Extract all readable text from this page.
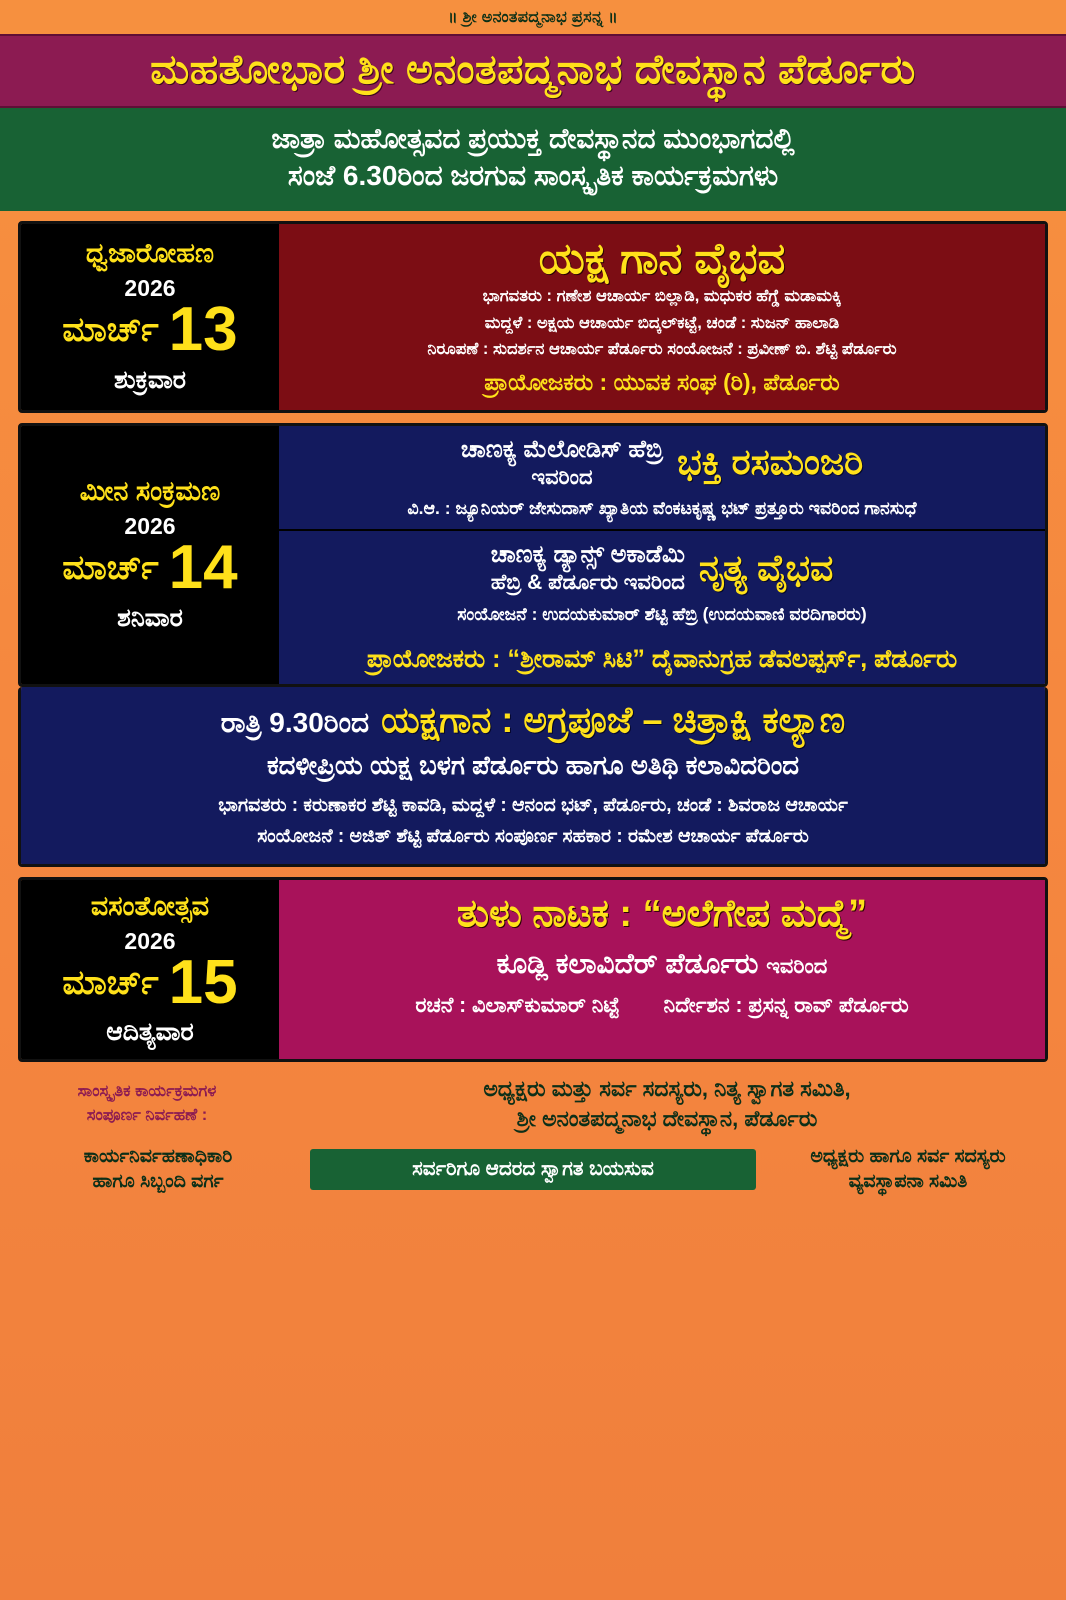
॥ ಶ್ರೀ ಅನಂತಪದ್ಮನಾಭ ಪ್ರಸನ್ನ ॥
ಮಹತೋಭಾರ ಶ್ರೀ ಅನಂತಪದ್ಮನಾಭ ದೇವಸ್ಥಾನ ಪೆರ್ಡೂರು
ಜಾತ್ರಾ ಮಹೋತ್ಸವದ ಪ್ರಯುಕ್ತ ದೇವಸ್ಥಾನದ ಮುಂಭಾಗದಲ್ಲಿ
ಸಂಜೆ 6.30ರಿಂದ ಜರಗುವ ಸಾಂಸ್ಕೃತಿಕ ಕಾರ್ಯಕ್ರಮಗಳು
ಧ್ವಜಾರೋಹಣ
2026
ಮಾರ್ಚ್ 13
ಶುಕ್ರವಾರ
ಯಕ್ಷ ಗಾನ ವೈಭವ
ಭಾಗವತರು : ಗಣೇಶ ಆಚಾರ್ಯ ಬಿಲ್ಲಾಡಿ, ಮಧುಕರ ಹೆಗ್ಡೆ ಮಡಾಮಕ್ಕಿ
ಮದ್ದಳೆ : ಅಕ್ಷಯ ಆಚಾರ್ಯ ಬಿದ್ಕಲ್‌ಕಟ್ಟೆ, ಚಂಡೆ : ಸುಜನ್ ಹಾಲಾಡಿ
ನಿರೂಪಣೆ : ಸುದರ್ಶನ ಆಚಾರ್ಯ ಪೆರ್ಡೂರು ಸಂಯೋಜನೆ : ಪ್ರವೀಣ್ ಬಿ. ಶೆಟ್ಟಿ ಪೆರ್ಡೂರು
ಪ್ರಾಯೋಜಕರು : ಯುವಕ ಸಂಘ (ರಿ), ಪೆರ್ಡೂರು
ಮೀನ ಸಂಕ್ರಮಣ
2026
ಮಾರ್ಚ್ 14
ಶನಿವಾರ
ಚಾಣಕ್ಯ ಮೆಲೋಡಿಸ್ ಹೆಬ್ರಿ
ಇವರಿಂದ	ಭಕ್ತಿ ರಸಮಂಜರಿ
ವಿ.ಆ. : ಜ್ಯೂನಿಯರ್ ಜೇಸುದಾಸ್ ಖ್ಯಾತಿಯ ವೆಂಕಟಕೃಷ್ಣ ಭಟ್ ಪ್ರತ್ತೂರು ಇವರಿಂದ ಗಾನಸುಧೆ
ಚಾಣಕ್ಯ ಡ್ಯಾನ್ಸ್ ಅಕಾಡೆಮಿ
ಹೆಬ್ರಿ & ಪೆರ್ಡೂರು ಇವರಿಂದ ನೃತ್ಯ ವೈಭವ
ಸಂಯೋಜನೆ : ಉದಯಕುಮಾರ್ ಶೆಟ್ಟಿ ಹೆಬ್ರಿ (ಉದಯವಾಣಿ ವರದಿಗಾರರು)
ಪ್ರಾಯೋಜಕರು : “ಶ್ರೀರಾಮ್ ಸಿಟಿ” ದೈವಾನುಗ್ರಹ ಡೆವಲಪ್ಪರ್ಸ್, ಪೆರ್ಡೂರು
ರಾತ್ರಿ 9.30ರಿಂದ ಯಕ್ಷಗಾನ : ಅಗ್ರಪೂಜೆ – ಚಿತ್ರಾಕ್ಷಿ ಕಲ್ಯಾಣ
ಕದಳೀಪ್ರಿಯ ಯಕ್ಷ ಬಳಗ ಪೆರ್ಡೂರು ಹಾಗೂ ಅತಿಥಿ ಕಲಾವಿದರಿಂದ
ಭಾಗವತರು : ಕರುಣಾಕರ ಶೆಟ್ಟಿ ಕಾವಡಿ, ಮದ್ದಳೆ : ಆನಂದ ಭಟ್, ಪೆರ್ಡೂರು, ಚಂಡೆ : ಶಿವರಾಜ ಆಚಾರ್ಯ
ಸಂಯೋಜನೆ : ಅಜಿತ್ ಶೆಟ್ಟಿ ಪೆರ್ಡೂರು ಸಂಪೂರ್ಣ ಸಹಕಾರ : ರಮೇಶ ಆಚಾರ್ಯ ಪೆರ್ಡೂರು
ವಸಂತೋತ್ಸವ
2026
ಮಾರ್ಚ್ 15
ಆದಿತ್ಯವಾರ
ತುಳು ನಾಟಕ : “ಅಲೆಗೇಪ ಮದ್ಮೆ”
ಕೂಡ್ಲಿ ಕಲಾವಿದೆರ್ ಪೆರ್ಡೂರು ಇವರಿಂದ
ರಚನೆ : ವಿಲಾಸ್‌ಕುಮಾರ್ ನಿಟ್ಟೆ ನಿರ್ದೇಶನ : ಪ್ರಸನ್ನ ರಾವ್ ಪೆರ್ಡೂರು
ಸಾಂಸ್ಕೃತಿಕ ಕಾರ್ಯಕ್ರಮಗಳ
ಸಂಪೂರ್ಣ ನಿರ್ವಹಣೆ :
ಅಧ್ಯಕ್ಷರು ಮತ್ತು ಸರ್ವ ಸದಸ್ಯರು, ನಿತ್ಯ ಸ್ವಾಗತ ಸಮಿತಿ,
ಶ್ರೀ ಅನಂತಪದ್ಮನಾಭ ದೇವಸ್ಥಾನ, ಪೆರ್ಡೂರು
ಕಾರ್ಯನಿರ್ವಹಣಾಧಿಕಾರಿ
ಹಾಗೂ ಸಿಬ್ಬಂದಿ ವರ್ಗ
ಸರ್ವರಿಗೂ ಆದರದ ಸ್ವಾಗತ ಬಯಸುವ
ಅಧ್ಯಕ್ಷರು ಹಾಗೂ ಸರ್ವ ಸದಸ್ಯರು
ವ್ಯವಸ್ಥಾಪನಾ ಸಮಿತಿ
